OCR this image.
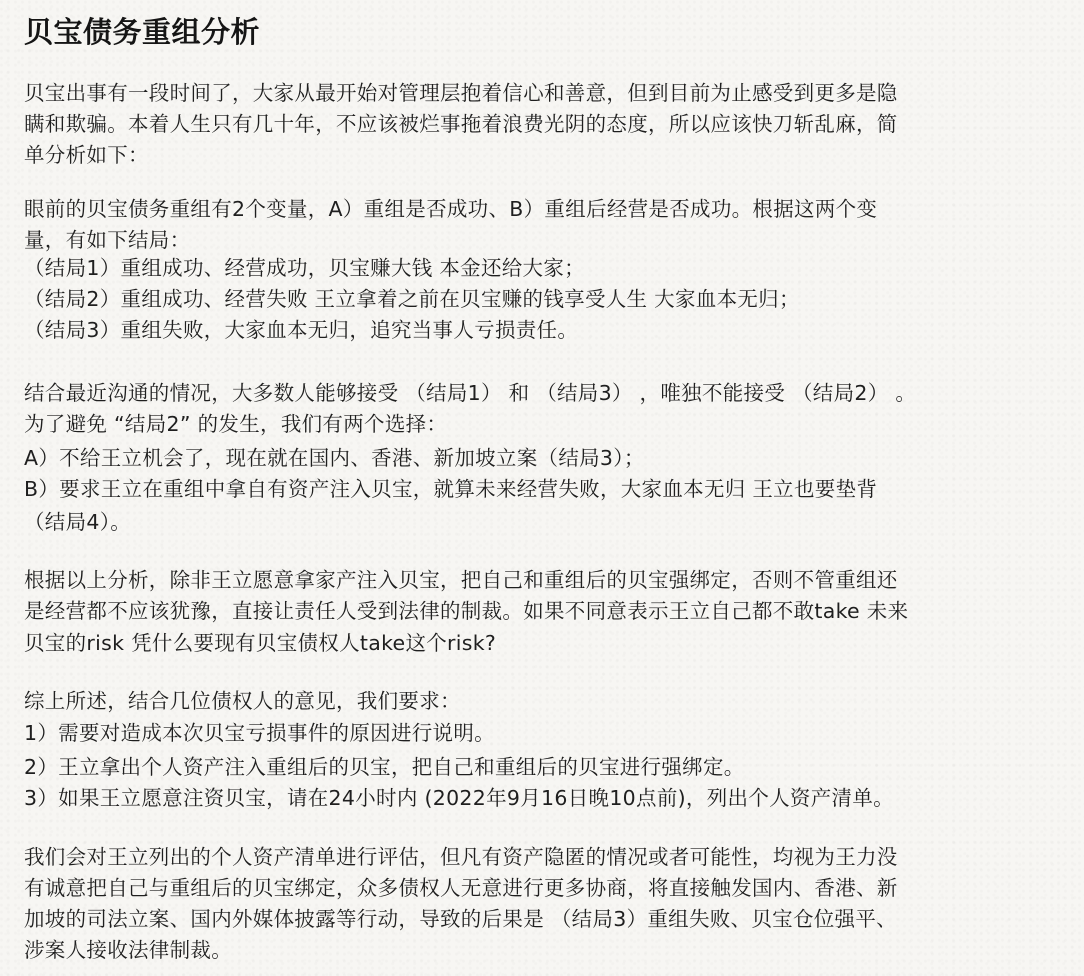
贝宝债务重组分析
贝宝出事有一段时间了，大家从最开始对管理层抱着信心和善意，但到目前为止感受到更多是隐
瞒和欺骗。本着人生只有几十年，不应该被烂事拖着浪费光阴的态度，所以应该快刀斩乱麻，简
单分析如下：
眼前的贝宝债务重组有2个变量，A）重组是否成功、B）重组后经营是否成功。根据这两个变
量，有如下结局：
（结局1）重组成功、经营成功，贝宝赚大钱 本金还给大家；
（结局2）重组成功、经营失败 王立拿着之前在贝宝赚的钱享受人生 大家血本无归；
（结局3）重组失败，大家血本无归，追究当事人亏损责任。
结合最近沟通的情况，大多数人能够接受 （结局1） 和 （结局3） ，唯独不能接受 （结局2） 。
为了避免 “结局2” 的发生，我们有两个选择：
A）不给王立机会了，现在就在国内、香港、新加坡立案（结局3）；
B）要求王立在重组中拿自有资产注入贝宝，就算未来经营失败，大家血本无归 王立也要垫背
（结局4）。
根据以上分析，除非王立愿意拿家产注入贝宝，把自己和重组后的贝宝强绑定，否则不管重组还
是经营都不应该犹豫，直接让责任人受到法律的制裁。如果不同意表示王立自己都不敢take 未来
贝宝的risk 凭什么要现有贝宝债权人take这个risk?
综上所述，结合几位债权人的意见，我们要求：
1）需要对造成本次贝宝亏损事件的原因进行说明。
2）王立拿出个人资产注入重组后的贝宝，把自己和重组后的贝宝进行强绑定。
3）如果王立愿意注资贝宝，请在24小时内 (2022年9月16日晚10点前)，列出个人资产清单。
我们会对王立列出的个人资产清单进行评估，但凡有资产隐匿的情况或者可能性，均视为王力没
有诚意把自己与重组后的贝宝绑定，众多债权人无意进行更多协商，将直接触发国内、香港、新
加坡的司法立案、国内外媒体披露等行动，导致的后果是 （结局3）重组失败、贝宝仓位强平、
涉案人接收法律制裁。
